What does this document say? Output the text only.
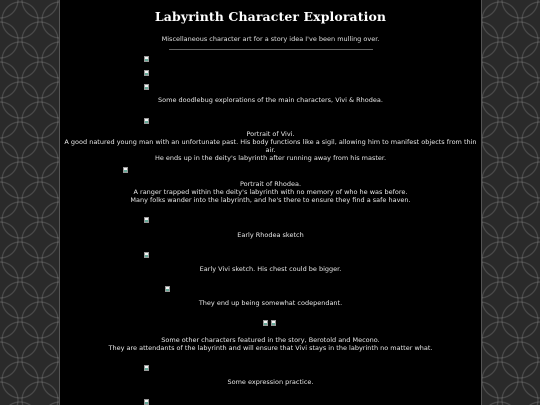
Labyrinth Character Exploration
Miscellaneous character art for a story idea I've been mulling over.
Some doodlebug explorations of the main characters, Vivi & Rhodea.
Portrait of Vivi.
A good natured young man with an unfortunate past. His body functions like a sigil, allowing him to manifest objects from thin air.
He ends up in the deity's labyrinth after running away from his master.
Portrait of Rhodea.
A ranger trapped within the deity's labyrinth with no memory of who he was before.
Many folks wander into the labyrinth, and he's there to ensure they find a safe haven.
Early Rhodea sketch
Early Vivi sketch. His chest could be bigger.
They end up being somewhat codependant.
Some other characters featured in the story, Berotold and Mecono.
They are attendants of the labyrinth and will ensure that Vivi stays in the labyrinth no matter what.
Some expression practice.
